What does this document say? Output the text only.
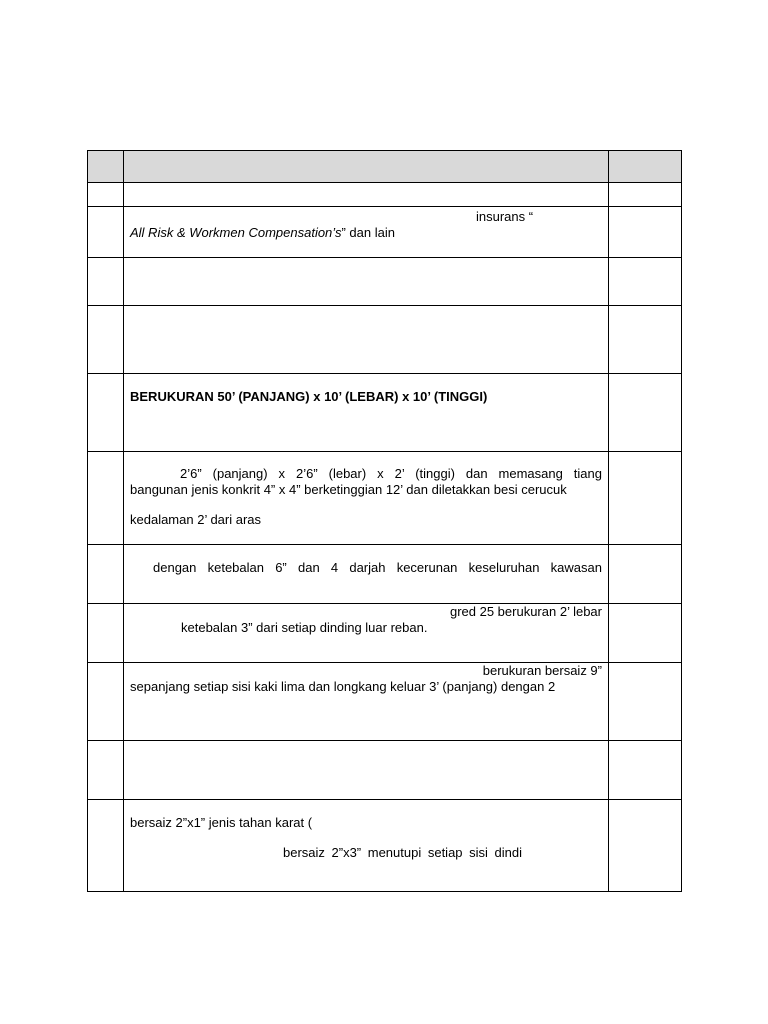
	insurans “
All Risk & Workmen Compensation’s” dan lain	

	BERUKURAN 50’ (PANJANG) x 10’ (LEBAR) x 10’ (TINGGI)	

	2’6” (panjang) x 2’6” (lebar) x 2’ (tinggi) dan memasang tiang
bangunan jenis konkrit 4” x 4” berketinggian 12’ dan diletakkan besi cerucuk
kedalaman 2’ dari aras	

	dengan ketebalan 6” dan 4 darjah kecerunan keseluruhan kawasan	

	gred 25 berukuran 2’ lebar
ketebalan 3” dari setiap dinding luar reban.	

	berukuran bersaiz 9”
sepanjang setiap sisi kaki lima dan longkang keluar 3’ (panjang) dengan 2	

	bersaiz 2”x1” jenis tahan karat (
bersaiz 2”x3” menutupi setiap sisi dindi	
